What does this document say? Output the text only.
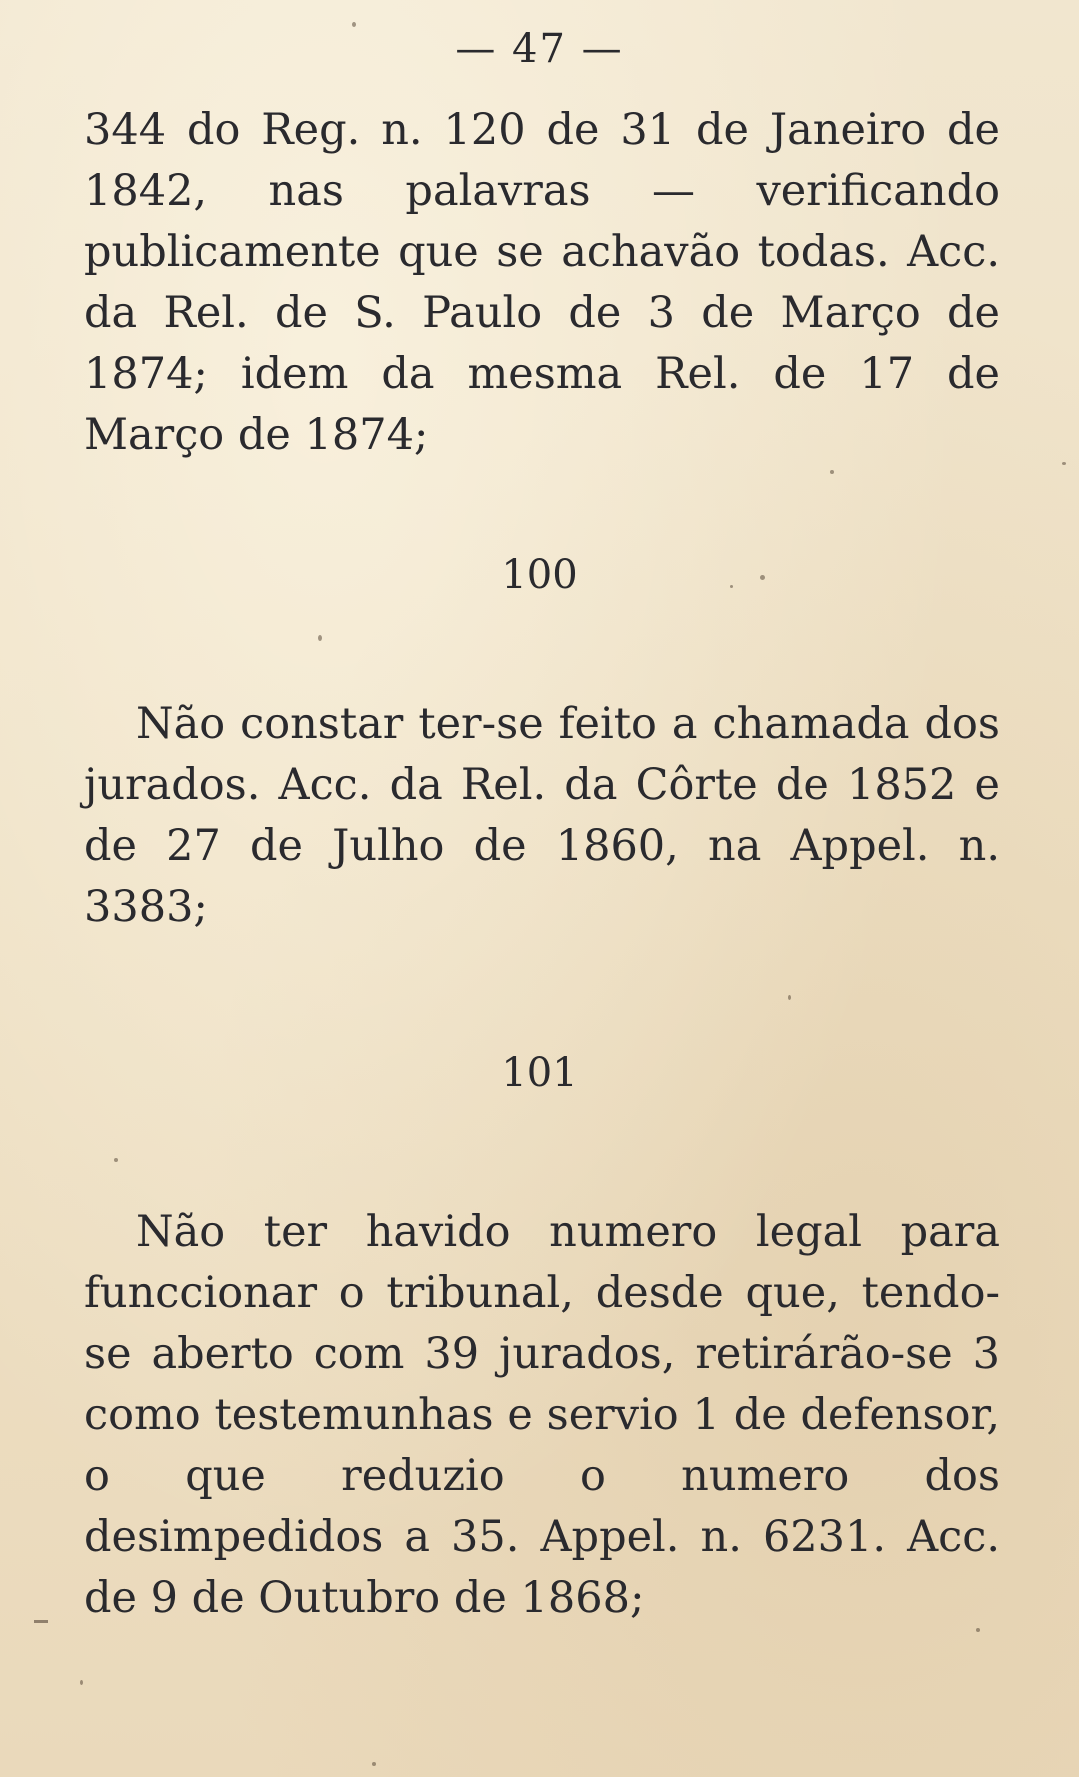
— 47 —

344 do Reg. n. 120 de 31 de Janeiro de 1842, nas palavras — verificando publicamente que se achavão todas. Acc. da Rel. de S. Paulo de 3 de Março de 1874; idem da mesma Rel. de 17 de Março de 1874;

100

Não constar ter-se feito a chamada dos jurados. Acc. da Rel. da Côrte de 1852 e de 27 de Julho de 1860, na Appel. n. 3383;

101

Não ter havido numero legal para funccionar o tribunal, desde que, tendo-se aberto com 39 jurados, retirárão-se 3 como testemunhas e servio 1 de defensor, o que reduzio o numero dos desimpedidos a 35. Appel. n. 6231. Acc. de 9 de Outubro de 1868;
